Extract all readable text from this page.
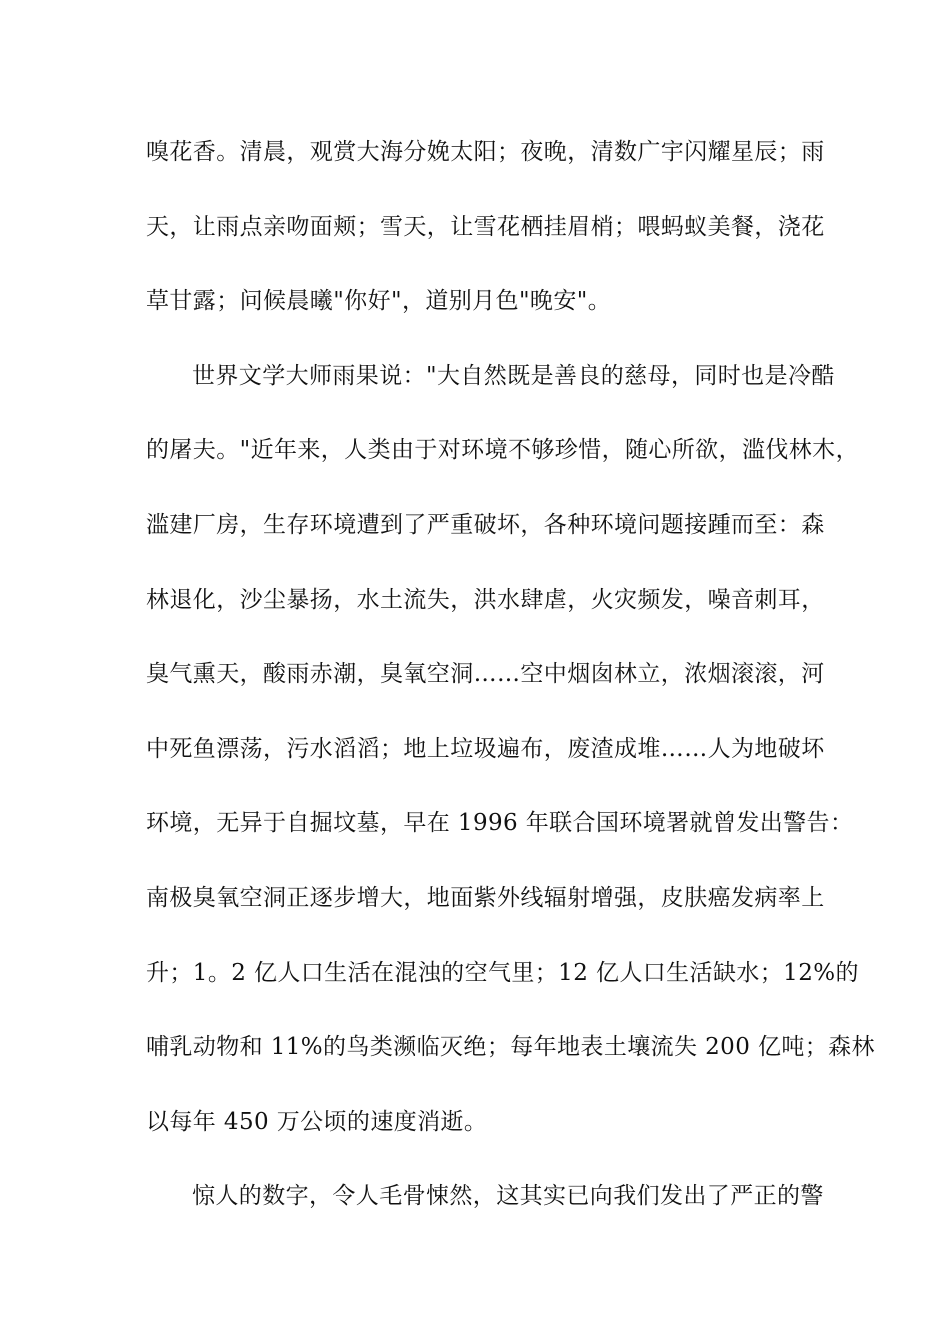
嗅花香。清晨，观赏大海分娩太阳；夜晚，清数广宇闪耀星辰；雨
天，让雨点亲吻面颊；雪天，让雪花栖挂眉梢；喂蚂蚁美餐，浇花
草甘露；问候晨曦"你好"，道别月色"晚安"。
世界文学大师雨果说："大自然既是善良的慈母，同时也是冷酷
的屠夫。"近年来，人类由于对环境不够珍惜，随心所欲，滥伐林木，
滥建厂房，生存环境遭到了严重破坏，各种环境问题接踵而至：森
林退化，沙尘暴扬，水土流失，洪水肆虐，火灾频发，噪音刺耳，
臭气熏天，酸雨赤潮，臭氧空洞……空中烟囱林立，浓烟滚滚，河
中死鱼漂荡，污水滔滔；地上垃圾遍布，废渣成堆……人为地破坏
环境，无异于自掘坟墓，早在 1996 年联合国环境署就曾发出警告：
南极臭氧空洞正逐步增大，地面紫外线辐射增强，皮肤癌发病率上
升；1。2 亿人口生活在混浊的空气里；12 亿人口生活缺水；12%的
哺乳动物和 11%的鸟类濒临灭绝；每年地表土壤流失 200 亿吨；森林
以每年 450 万公顷的速度消逝。
惊人的数字，令人毛骨悚然，这其实已向我们发出了严正的警
